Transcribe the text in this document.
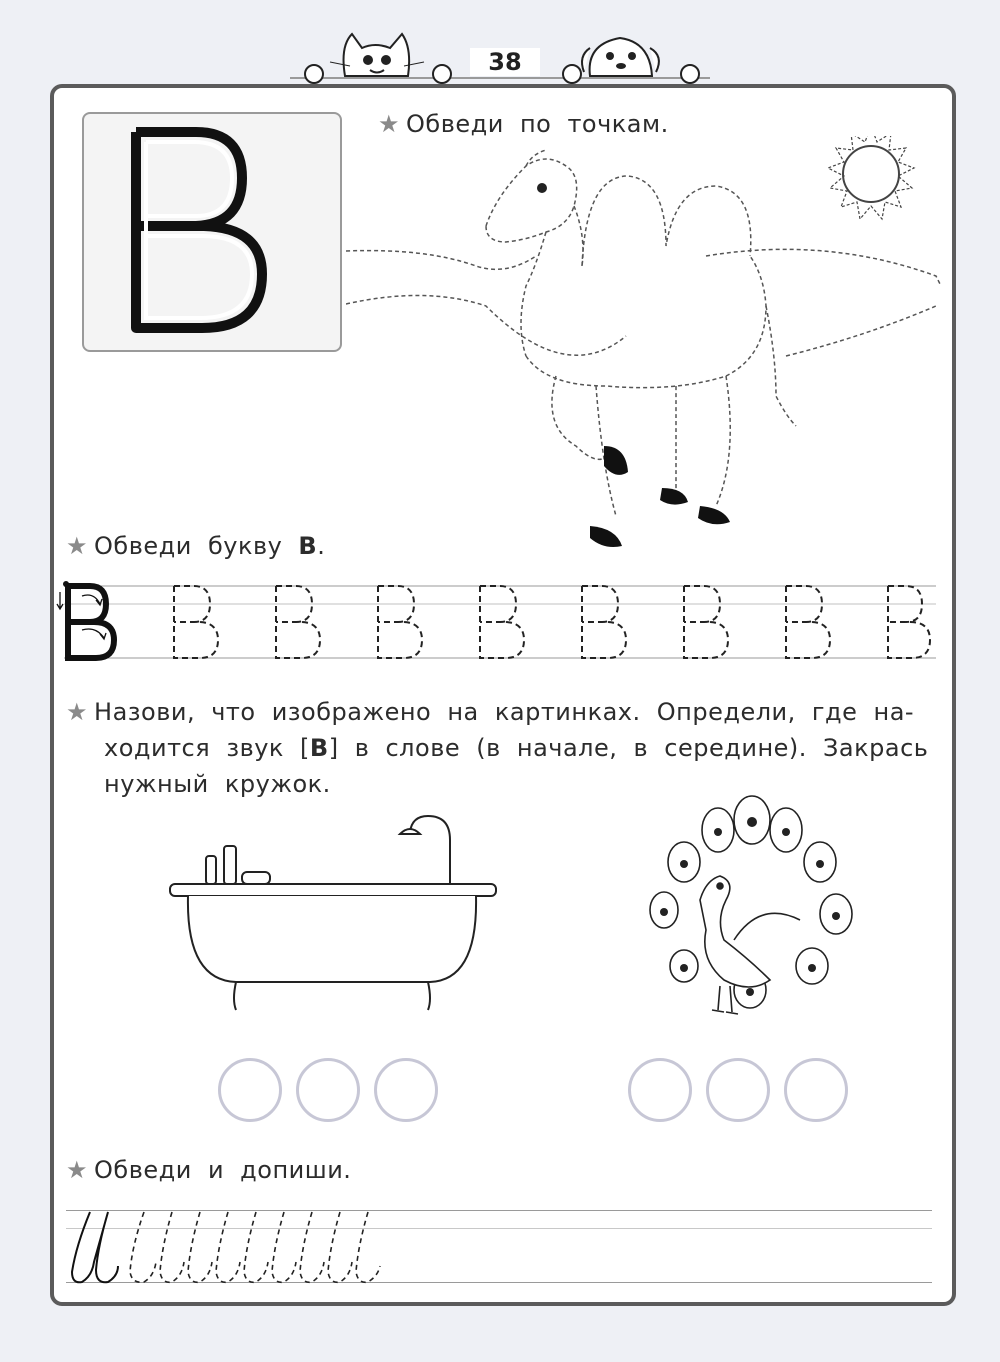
38
★ Обведи по точкам.
★ Обведи букву В.
★ Назови, что изображено на картинках. Определи, где на-
ходится звук [В] в слове (в начале, в середине). Закрась
нужный кружок.
★ Обведи и допиши.
